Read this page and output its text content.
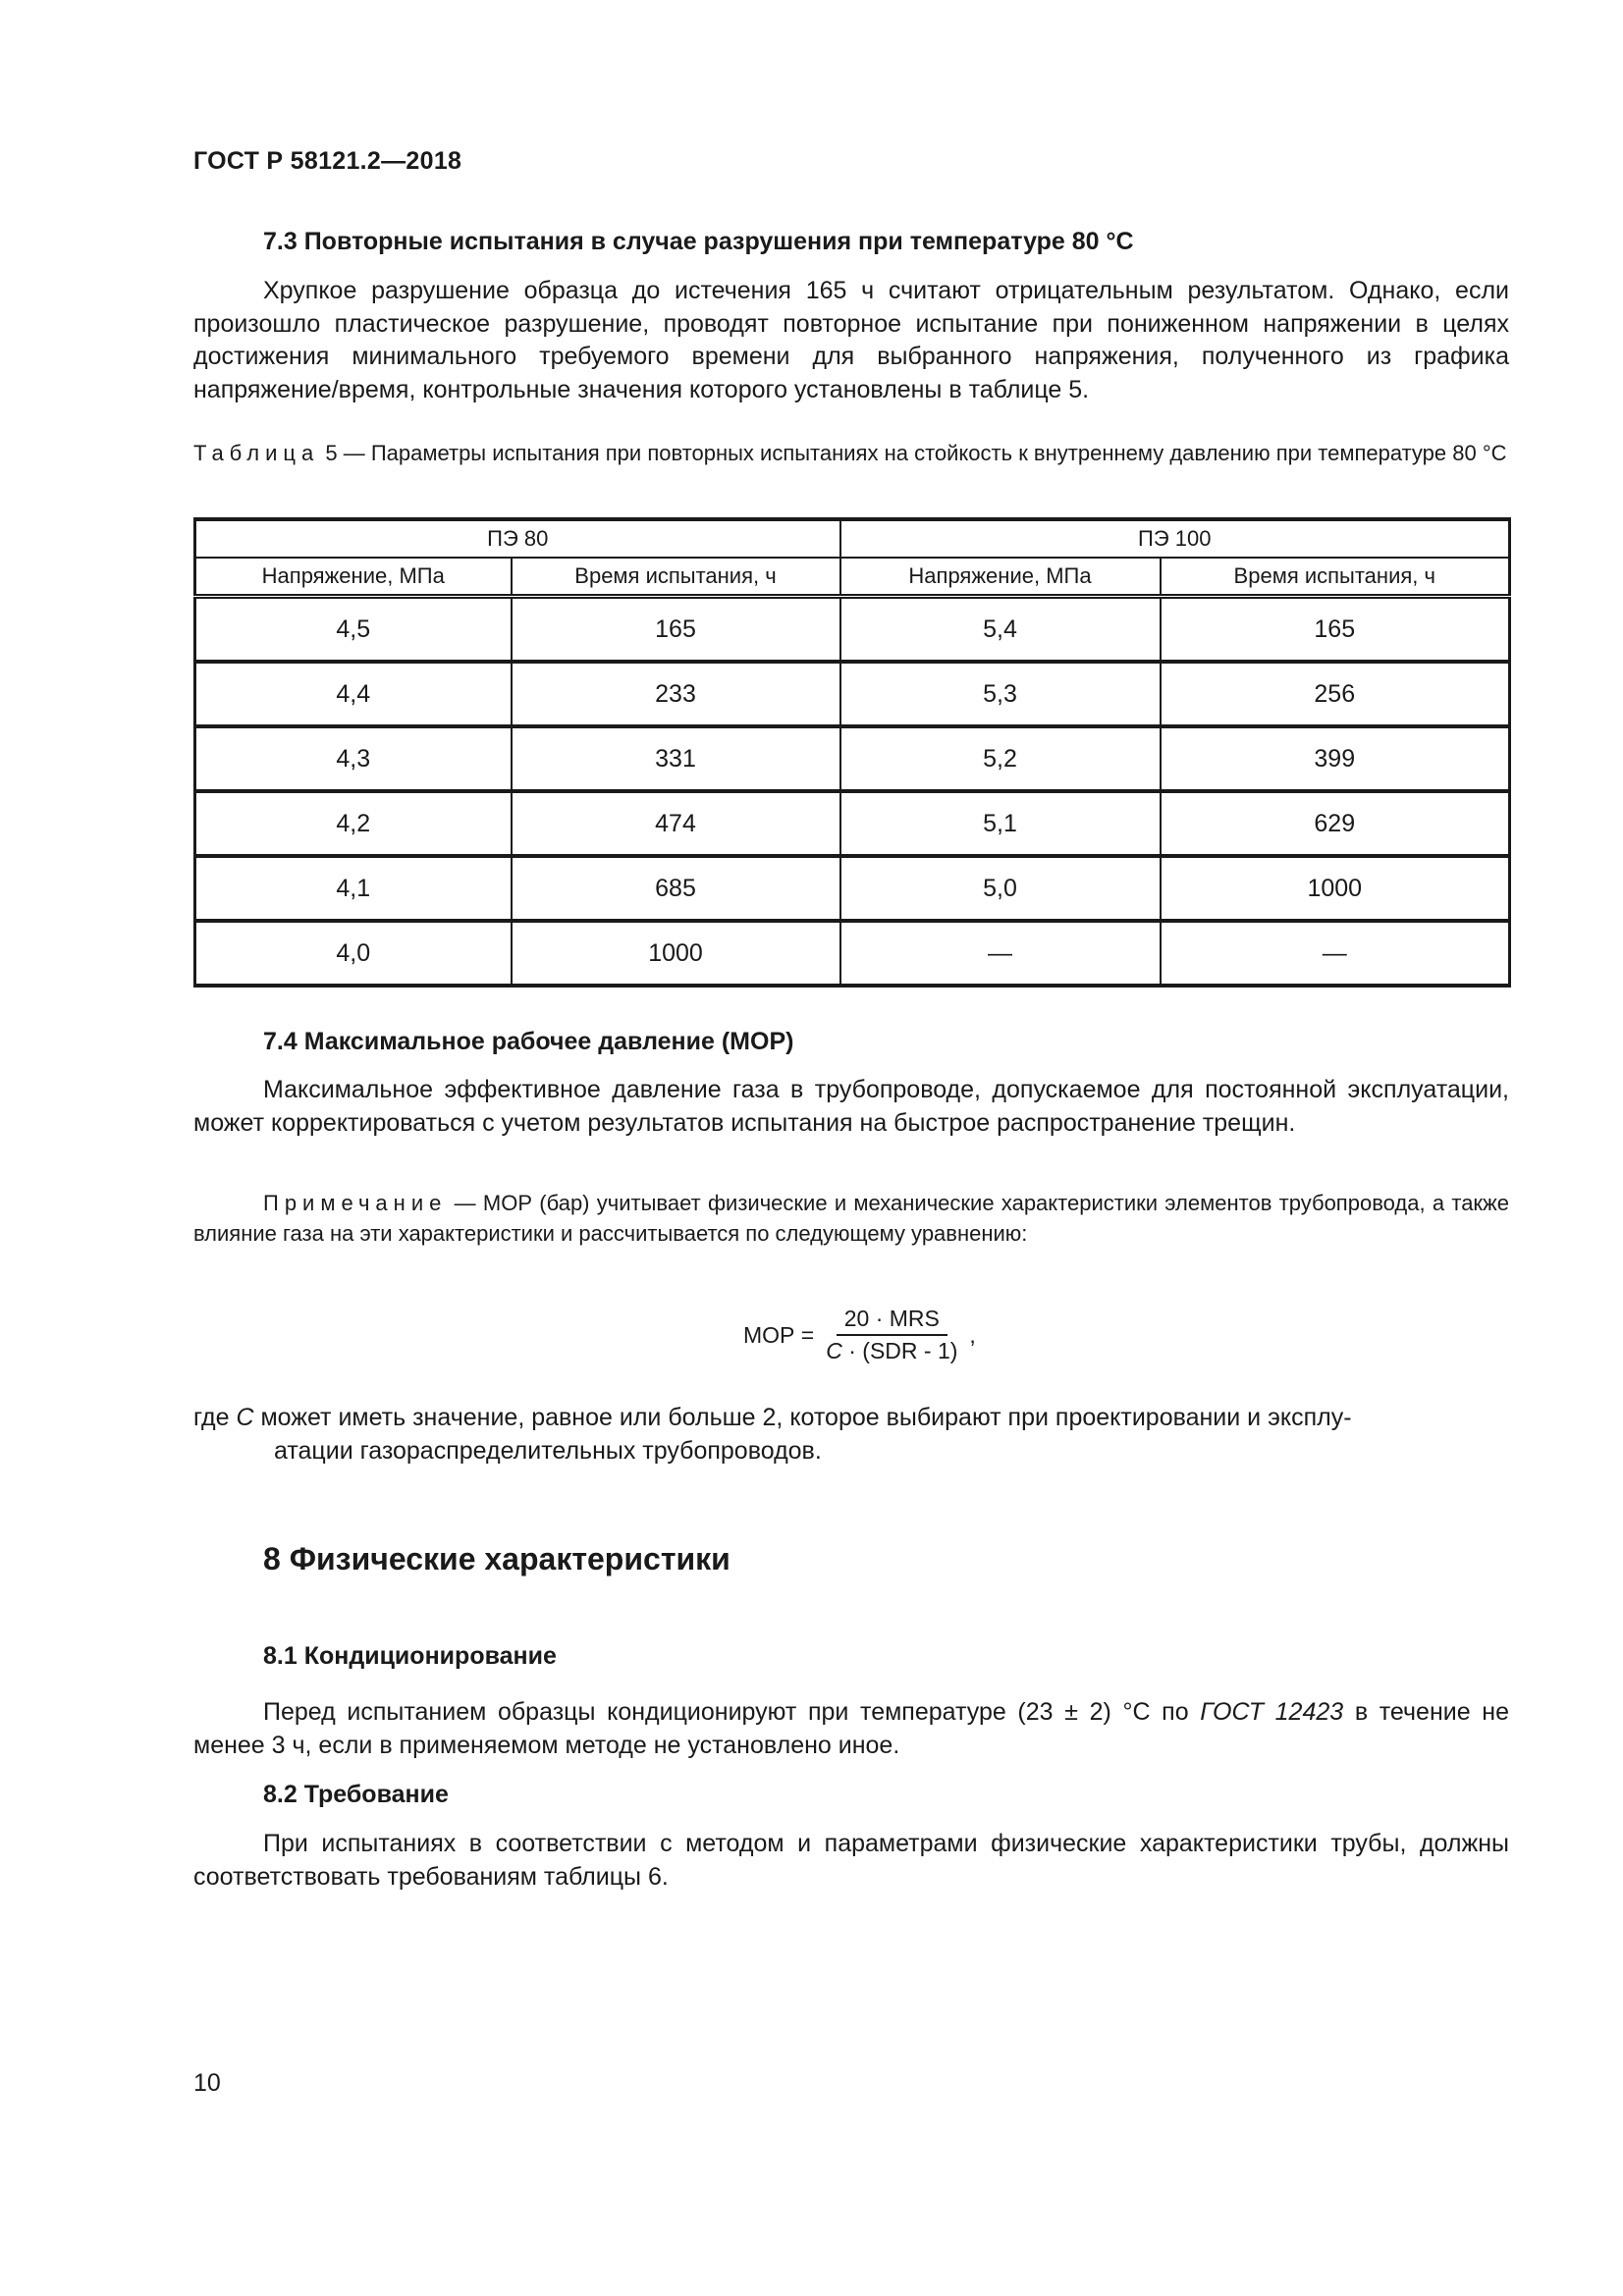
ГОСТ Р 58121.2—2018
7.3 Повторные испытания в случае разрушения при температуре 80 °С
Хрупкое разрушение образца до истечения 165 ч считают отрицательным результатом. Однако, если произошло пластическое разрушение, проводят повторное испытание при пониженном напряжении в целях достижения минимального требуемого времени для выбранного напряжения, полученного из графика напряжение/время, контрольные значения которого установлены в таблице 5.
Таблица 5 — Параметры испытания при повторных испытаниях на стойкость к внутреннему давлению при температуре 80 °С
ПЭ 80		ПЭ 100	
Напряжение, МПа	Время испытания, ч	Напряжение, МПа	Время испытания, ч
4,5	165	5,4	165
4,4	233	5,3	256
4,3	331	5,2	399
4,2	474	5,1	629
4,1	685	5,0	1000
4,0	1000	—	—
7.4 Максимальное рабочее давление (МОР)
Максимальное эффективное давление газа в трубопроводе, допускаемое для постоянной эксплуатации, может корректироваться с учетом результатов испытания на быстрое распространение трещин.
Примечание — МОР (бар) учитывает физические и механические характеристики элементов трубопровода, а также влияние газа на эти характеристики и рассчитывается по следующему уравнению:
МОР = $\frac{\text{20 · MRS}}{\text{C · (SDR - 1)}}$ ,
где C может иметь значение, равное или больше 2, которое выбирают при проектировании и эксплу-
атации газораспределительных трубопроводов.
8 Физические характеристики
8.1 Кондиционирование
Перед испытанием образцы кондиционируют при температуре (23 ± 2) °С по ГОСТ 12423 в течение не менее 3 ч, если в применяемом методе не установлено иное.
8.2 Требование
При испытаниях в соответствии с методом и параметрами физические характеристики трубы, должны соответствовать требованиям таблицы 6.
10
